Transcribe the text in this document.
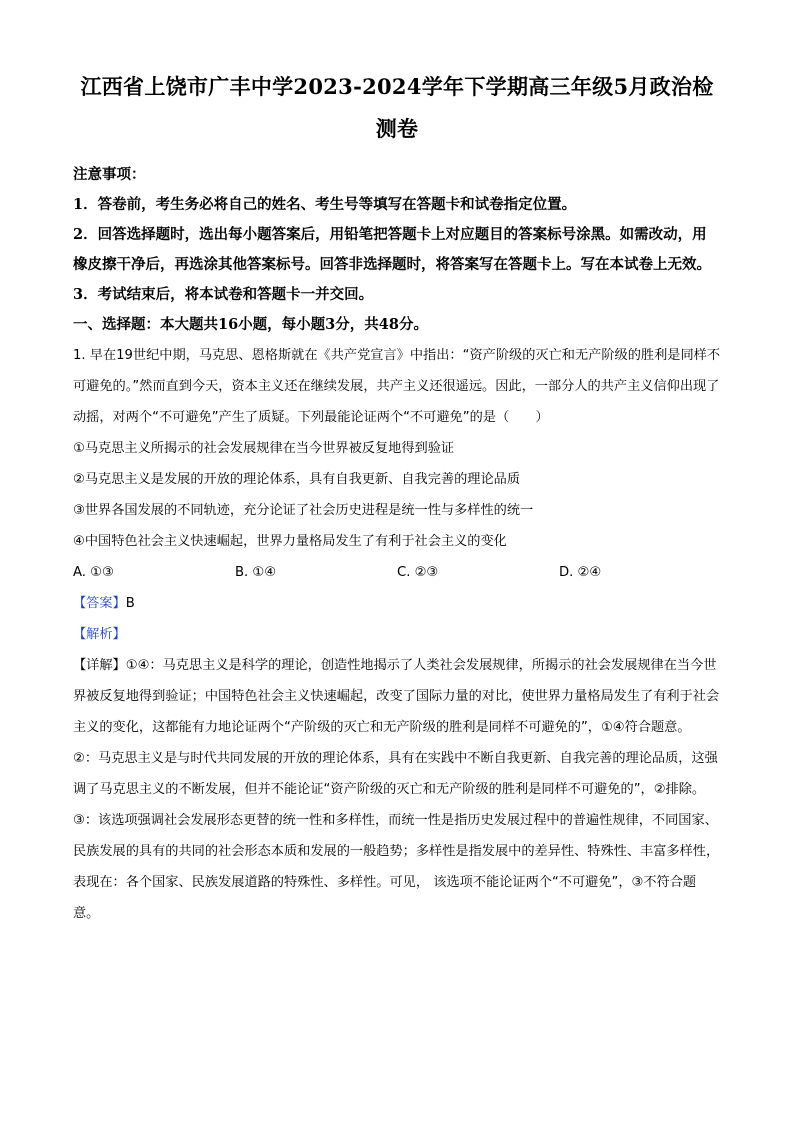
江西省上饶市广丰中学2023-2024学年下学期高三年级5月政治检测卷
注意事项：
1．答卷前，考生务必将自己的姓名、考生号等填写在答题卡和试卷指定位置。
2．回答选择题时，选出每小题答案后，用铅笔把答题卡上对应题目的答案标号涂黑。如需改动，用橡皮擦干净后，再选涂其他答案标号。回答非选择题时，将答案写在答题卡上。写在本试卷上无效。
3．考试结束后，将本试卷和答题卡一并交回。
一、选择题：本大题共16小题，每小题3分，共48分。
1. 早在19世纪中期，马克思、恩格斯就在《共产党宣言》中指出：“资产阶级的灭亡和无产阶级的胜利是同样不可避免的。”然而直到今天，资本主义还在继续发展，共产主义还很遥远。因此，一部分人的共产主义信仰出现了动摇，对两个“不可避免”产生了质疑。下列最能论证两个“不可避免”的是（　　）
①马克思主义所揭示的社会发展规律在当今世界被反复地得到验证
②马克思主义是发展的开放的理论体系，具有自我更新、自我完善的理论品质
③世界各国发展的不同轨迹，充分论证了社会历史进程是统一性与多样性的统一
④中国特色社会主义快速崛起，世界力量格局发生了有利于社会主义的变化
A. ①③	B. ①④	C. ②③	D. ②④
【答案】B
【解析】
【详解】①④：马克思主义是科学的理论，创造性地揭示了人类社会发展规律，所揭示的社会发展规律在当今世界被反复地得到验证；中国特色社会主义快速崛起，改变了国际力量的对比，使世界力量格局发生了有利于社会主义的变化，这都能有力地论证两个“产阶级的灭亡和无产阶级的胜利是同样不可避免的”，①④符合题意。
②：马克思主义是与时代共同发展的开放的理论体系，具有在实践中不断自我更新、自我完善的理论品质，这强调了马克思主义的不断发展，但并不能论证“资产阶级的灭亡和无产阶级的胜利是同样不可避免的”，②排除。
③：该选项强调社会发展形态更替的统一性和多样性，而统一性是指历史发展过程中的普遍性规律，不同国家、民族发展的具有的共同的社会形态本质和发展的一般趋势；多样性是指发展中的差异性、特殊性、丰富多样性，表现在：各个国家、民族发展道路的特殊性、多样性。可见， 该选项不能论证两个“不可避免”，③不符合题意。
